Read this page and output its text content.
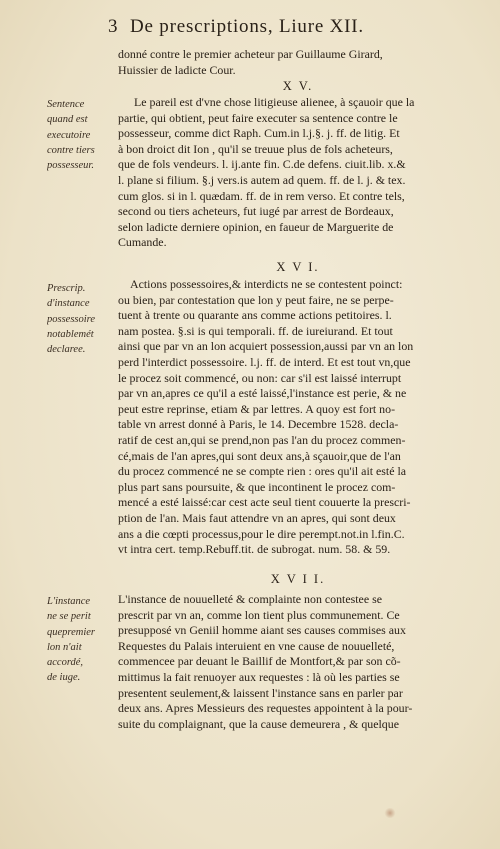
3 De prescriptions, Liure XII.
donné contre le premier acheteur par Guillaume Girard,
Huissier de ladicte Cour.
X V.
Sentence
quand est
executoire
contre tiers
possesseur.
Le pareil est d'vne chose litigieuse alienee, à sçauoir que la
partie, qui obtient, peut faire executer sa sentence contre le
possesseur, comme dict Raph. Cum.in l.j.§. j. ff. de litig. Et
à bon droict dit Ion , qu'il se treuue plus de fols acheteurs,
que de fols vendeurs. l. ij.ante fin. C.de defens. ciuit.lib. x.&
l. plane si filium. §.j vers.is autem ad quem. ff. de l. j. & tex.
cum glos. si in l. quædam. ff. de in rem verso. Et contre tels,
second ou tiers acheteurs, fut iugé par arrest de Bordeaux,
selon ladicte derniere opinion, en faueur de Marguerite de
Cumande.
X V I.
Prescrip.
d'instance
possessoire
notablemét
declaree.
Actions possessoires,& interdicts ne se contestent poinct:
ou bien, par contestation que lon y peut faire, ne se perpe-
tuent à trente ou quarante ans comme actions petitoires. l.
nam postea. §.si is qui temporali. ff. de iureiurand. Et tout
ainsi que par vn an lon acquiert possession,aussi par vn an lon
perd l'interdict possessoire. l.j. ff. de interd. Et est tout vn,que
le procez soit commencé, ou non: car s'il est laissé interrupt
par vn an,apres ce qu'il a esté laissé,l'instance est perie, & ne
peut estre reprinse, etiam & par lettres. A quoy est fort no-
table vn arrest donné à Paris, le 14. Decembre 1528. decla-
ratif de cest an,qui se prend,non pas l'an du procez commen-
cé,mais de l'an apres,qui sont deux ans,à sçauoir,que de l'an
du procez commencé ne se compte rien : ores qu'il ait esté la
plus part sans poursuite, & que incontinent le procez com-
mencé a esté laissé:car cest acte seul tient couuerte la prescri-
ption de l'an. Mais faut attendre vn an apres, qui sont deux
ans a die cœpti processus,pour le dire perempt.not.in l.fin.C.
vt intra cert. temp.Rebuff.tit. de subrogat. num. 58. & 59.
X V I I.
L'instance
ne se perit
quepremier
lon n'ait
accordé,
de iuge.
L'instance de nouuelleté & complainte non contestee se
prescrit par vn an, comme lon tient plus communement. Ce
presupposé vn Geniil homme aiant ses causes commises aux
Requestes du Palais interuient en vne cause de nouuelleté,
commencee par deuant le Baillif de Montfort,& par son cõ-
mittimus la fait renuoyer aux requestes : là où les parties se
presentent seulement,& laissent l'instance sans en parler par
deux ans. Apres Messieurs des requestes appointent à la pour-
suite du complaignant, que la cause demeurera , & quelque
